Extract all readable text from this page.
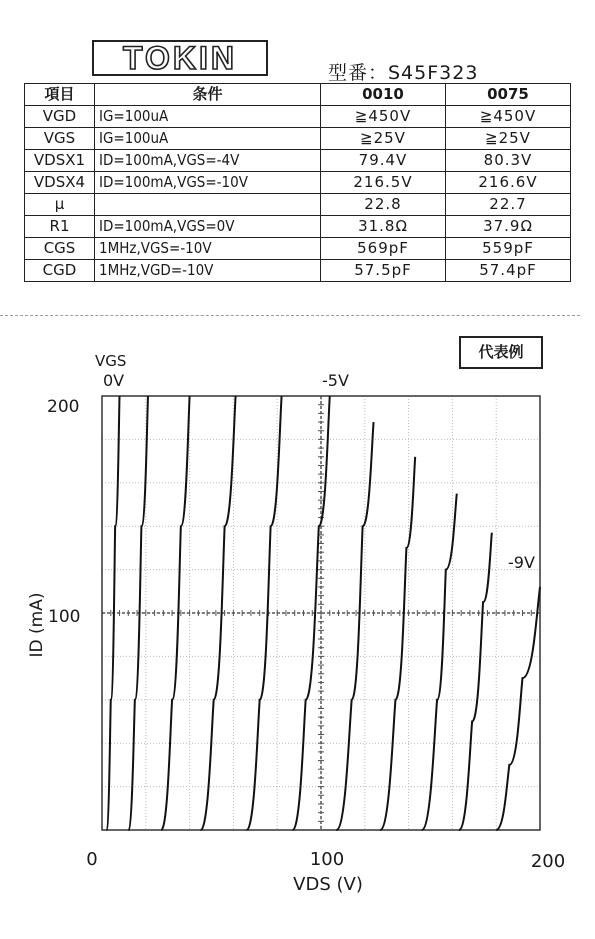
TOKIN	型番：S45F323
項目	条件	0010	0075
VGD	IG=100uA	≧450V	≧450V
VGS	IG=100uA	≧25V	≧25V
VDSX1	ID=100mA,VGS=-4V	79.4V	80.3V
VDSX4	ID=100mA,VGS=-10V	216.5V	216.6V
μ		22.8	22.7
R1	ID=100mA,VGS=0V	31.8Ω	37.9Ω
CGS	1MHz,VGS=-10V	569pF	559pF
CGD	1MHz,VGD=-10V	57.5pF	57.4pF
代表例
0	100	200
100
200
VDS (V)
ID (mA)
VGS
0V	-5V
-9V
